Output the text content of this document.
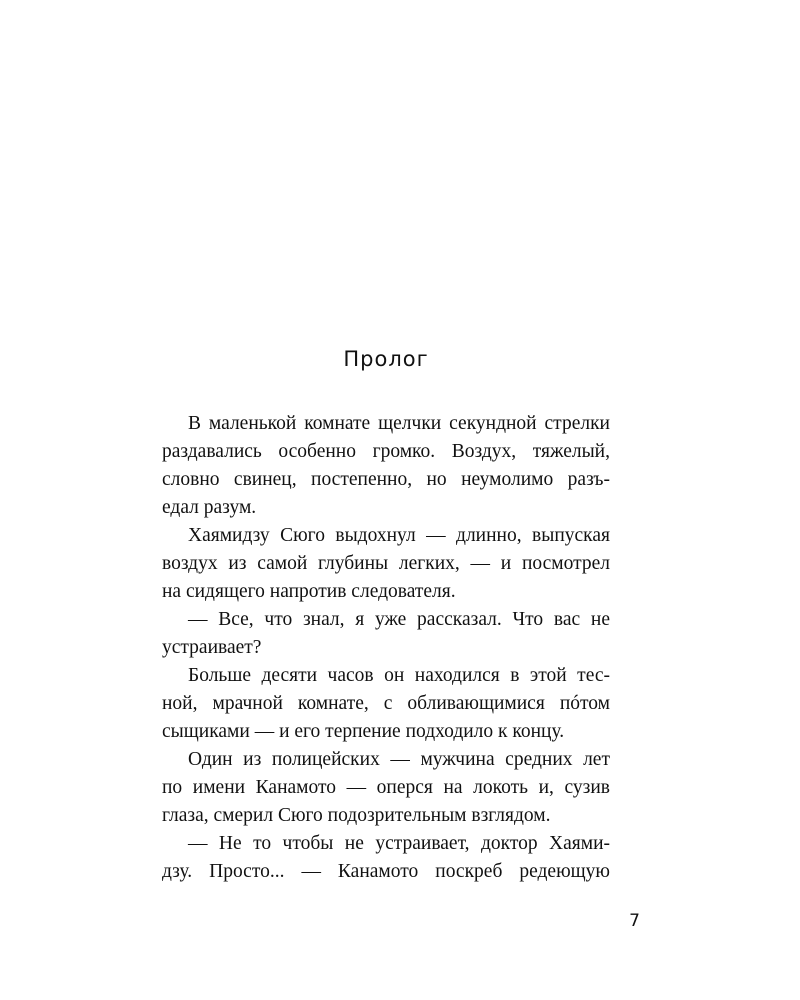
Пролог
В маленькой комнате щелчки секундной стрелки
раздавались особенно громко. Воздух, тяжелый,
словно свинец, постепенно, но неумолимо разъ-
едал разум.
Хаямидзу Сюго выдохнул — длинно, выпуская
воздух из самой глубины легких, — и посмотрел
на сидящего напротив следователя.
— Все, что знал, я уже рассказал. Что вас не
устраивает?
Больше десяти часов он находился в этой тес-
ной, мрачной комнате, с обливающимися пóтом
сыщиками — и его терпение подходило к концу.
Один из полицейских — мужчина средних лет
по имени Канамото — оперся на локоть и, сузив
глаза, смерил Сюго подозрительным взглядом.
— Не то чтобы не устраивает, доктор Хаями-
дзу. Просто... — Канамото поскреб редеющую
7
